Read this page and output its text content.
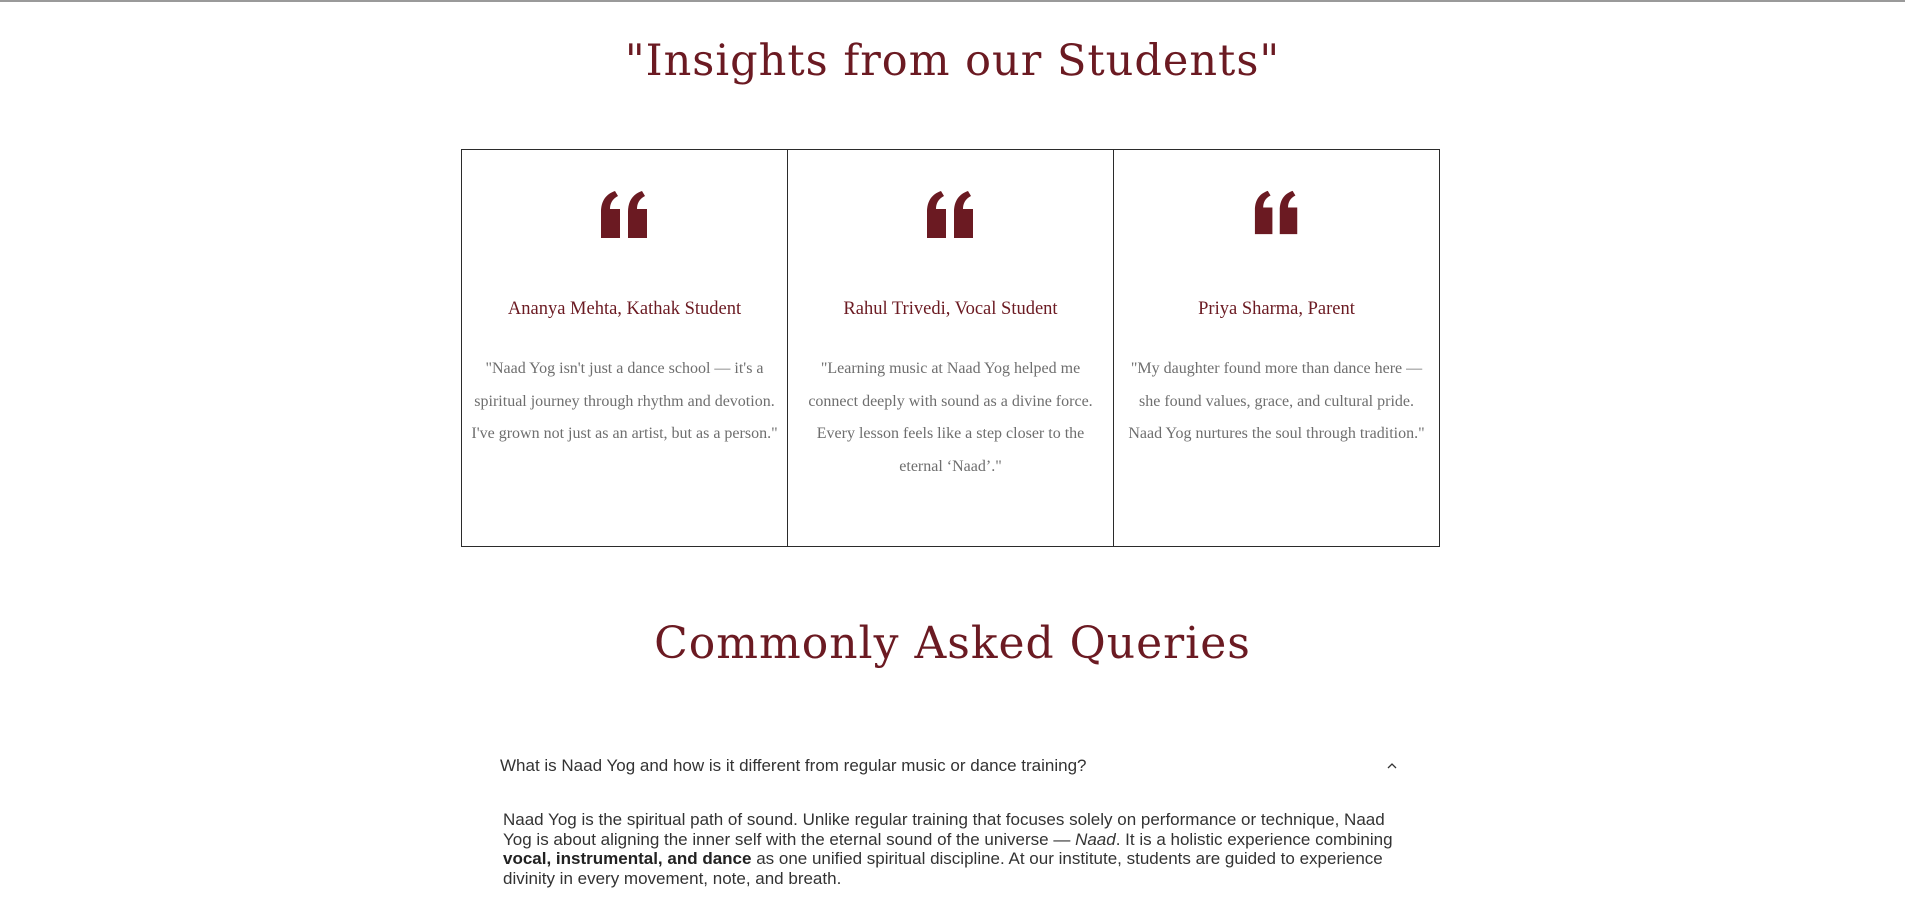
"Insights from our Students"
Ananya Mehta, Kathak Student
"Naad Yog isn't just a dance school — it's a spiritual journey through rhythm and devotion. I've grown not just as an artist, but as a person."
Rahul Trivedi, Vocal Student
"Learning music at Naad Yog helped me connect deeply with sound as a divine force. Every lesson feels like a step closer to the eternal ‘Naad’."
Priya Sharma, Parent
"My daughter found more than dance here — she found values, grace, and cultural pride. Naad Yog nurtures the soul through tradition."
Commonly Asked Queries
What is Naad Yog and how is it different from regular music or dance training?
Naad Yog is the spiritual path of sound. Unlike regular training that focuses solely on performance or technique, Naad Yog is about aligning the inner self with the eternal sound of the universe — Naad. It is a holistic experience combining vocal, instrumental, and dance as one unified spiritual discipline. At our institute, students are guided to experience divinity in every movement, note, and breath.
